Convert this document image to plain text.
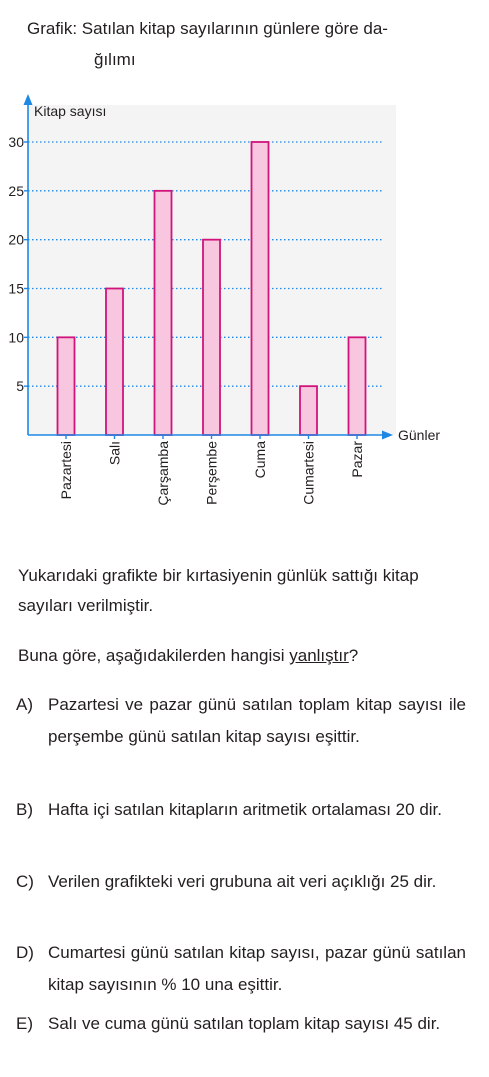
Grafik: Satılan kitap sayılarının günlere göre da-
ğılımı
Kitap sayısı
Günler
5
10
15
20
25
30
Pazartesi Salı Çarşamba Perşembe Cuma Cumartesi Pazar
Yukarıdaki grafikte bir kırtasiyenin günlük sattığı kitap sayıları verilmiştir.
Buna göre, aşağıdakilerden hangisi yanlıştır?
A) Pazartesi ve pazar günü satılan toplam kitap sayısı ile perşembe günü satılan kitap sayısı eşittir.
B) Hafta içi satılan kitapların aritmetik ortalaması 20 dir.
C) Verilen grafikteki veri grubuna ait veri açıklığı 25 dir.
D) Cumartesi günü satılan kitap sayısı, pazar günü satılan kitap sayısının % 10 una eşittir.
E) Salı ve cuma günü satılan toplam kitap sayısı 45 dir.
